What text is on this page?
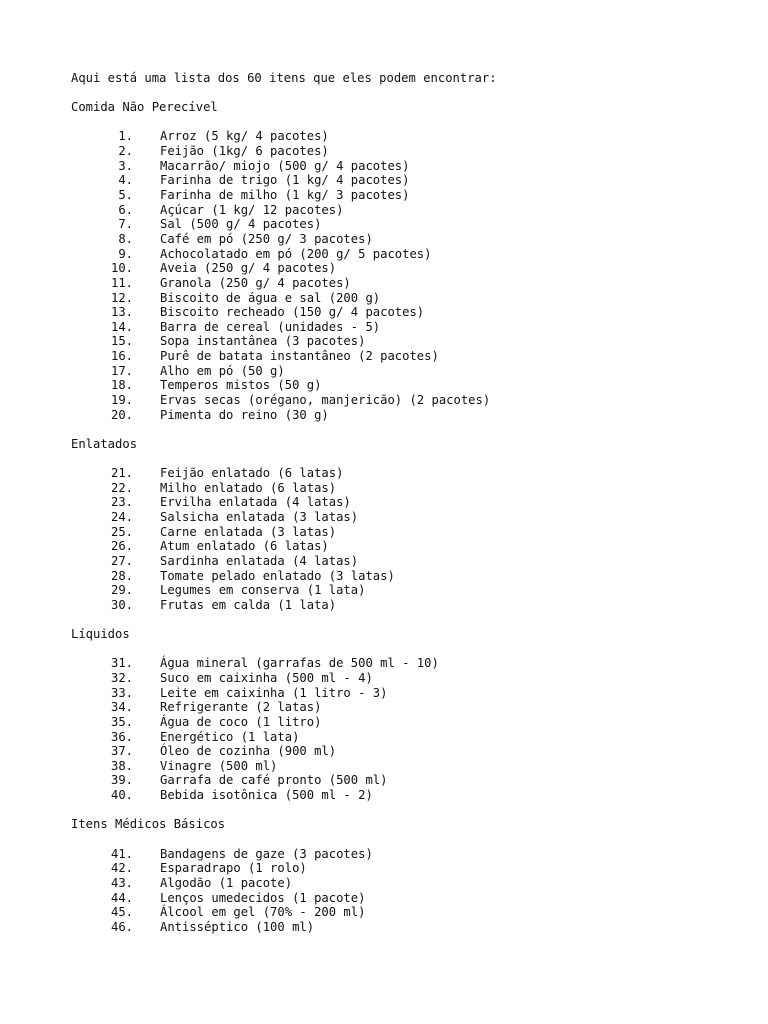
Aqui está uma lista dos 60 itens que eles podem encontrar:
Comida Não Perecível
1. Arroz (5 kg/ 4 pacotes)
2. Feijão (1kg/ 6 pacotes)
3. Macarrão/ miojo (500 g/ 4 pacotes)
4. Farinha de trigo (1 kg/ 4 pacotes)
5. Farinha de milho (1 kg/ 3 pacotes)
6. Açúcar (1 kg/ 12 pacotes)
7. Sal (500 g/ 4 pacotes)
8. Café em pó (250 g/ 3 pacotes)
9. Achocolatado em pó (200 g/ 5 pacotes)
10. Aveia (250 g/ 4 pacotes)
11. Granola (250 g/ 4 pacotes)
12. Biscoito de água e sal (200 g)
13. Biscoito recheado (150 g/ 4 pacotes)
14. Barra de cereal (unidades - 5)
15. Sopa instantânea (3 pacotes)
16. Purê de batata instantâneo (2 pacotes)
17. Alho em pó (50 g)
18. Temperos mistos (50 g)
19. Ervas secas (orégano, manjericão) (2 pacotes)
20. Pimenta do reino (30 g)
Enlatados
21. Feijão enlatado (6 latas)
22. Milho enlatado (6 latas)
23. Ervilha enlatada (4 latas)
24. Salsicha enlatada (3 latas)
25. Carne enlatada (3 latas)
26. Atum enlatado (6 latas)
27. Sardinha enlatada (4 latas)
28. Tomate pelado enlatado (3 latas)
29. Legumes em conserva (1 lata)
30. Frutas em calda (1 lata)
Líquidos
31. Água mineral (garrafas de 500 ml - 10)
32. Suco em caixinha (500 ml - 4)
33. Leite em caixinha (1 litro - 3)
34. Refrigerante (2 latas)
35. Água de coco (1 litro)
36. Energético (1 lata)
37. Óleo de cozinha (900 ml)
38. Vinagre (500 ml)
39. Garrafa de café pronto (500 ml)
40. Bebida isotônica (500 ml - 2)
Itens Médicos Básicos
41. Bandagens de gaze (3 pacotes)
42. Esparadrapo (1 rolo)
43. Algodão (1 pacote)
44. Lenços umedecidos (1 pacote)
45. Álcool em gel (70% - 200 ml)
46. Antisséptico (100 ml)
